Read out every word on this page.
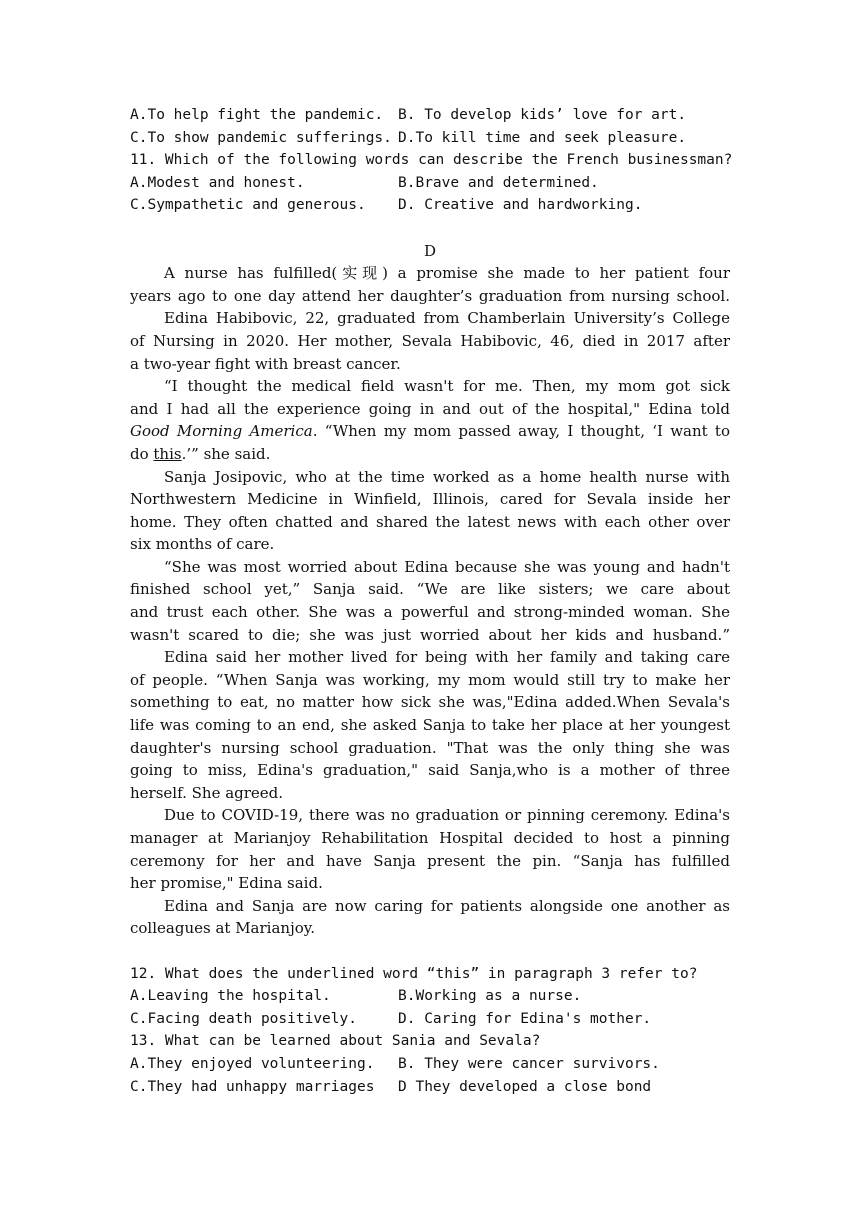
A.To help fight the pandemic. B. To develop kids’ love for art.
C.To show pandemic sufferings. D.To kill time and seek pleasure.
11. Which of the following words can describe the French businessman?
A.Modest and honest.	B.Brave and determined.
C.Sympathetic and generous. D. Creative and hardworking.
D
A nurse has fulfilled(实现) a promise she made to her patient four
years ago to one day attend her daughter’s graduation from nursing school.
Edina Habibovic, 22, graduated from Chamberlain University’s College
of Nursing in 2020. Her mother, Sevala Habibovic, 46, died in 2017 after
a two-year fight with breast cancer.
“I thought the medical field wasn't for me. Then, my mom got sick
and I had all the experience going in and out of the hospital," Edina told
Good Morning America. “When my mom passed away, I thought, ‘I want to
do this.’” she said.
Sanja Josipovic, who at the time worked as a home health nurse with
Northwestern Medicine in Winfield, Illinois, cared for Sevala inside her
home. They often chatted and shared the latest news with each other over
six months of care.
“She was most worried about Edina because she was young and hadn't
finished school yet,” Sanja said. “We are like sisters; we care about
and trust each other. She was a powerful and strong-minded woman. She
wasn't scared to die; she was just worried about her kids and husband.”
Edina said her mother lived for being with her family and taking care
of people. “When Sanja was working, my mom would still try to make her
something to eat, no matter how sick she was,"Edina added.When Sevala's
life was coming to an end, she asked Sanja to take her place at her youngest
daughter's nursing school graduation. "That was the only thing she was
going to miss, Edina's graduation," said Sanja,who is a mother of three
herself. She agreed.
Due to COVID-19, there was no graduation or pinning ceremony. Edina's
manager at Marianjoy Rehabilitation Hospital decided to host a pinning
ceremony for her and have Sanja present the pin. “Sanja has fulfilled
her promise," Edina said.
Edina and Sanja are now caring for patients alongside one another as
colleagues at Marianjoy.
12. What does the underlined word “this” in paragraph 3 refer to?
A.Leaving the hospital.	B.Working as a nurse.
C.Facing death positively.	D. Caring for Edina's mother.
13. What can be learned about Sania and Sevala?
A.They enjoyed volunteering. B. They were cancer survivors.
C.They had unhappy marriages D They developed a close bond
